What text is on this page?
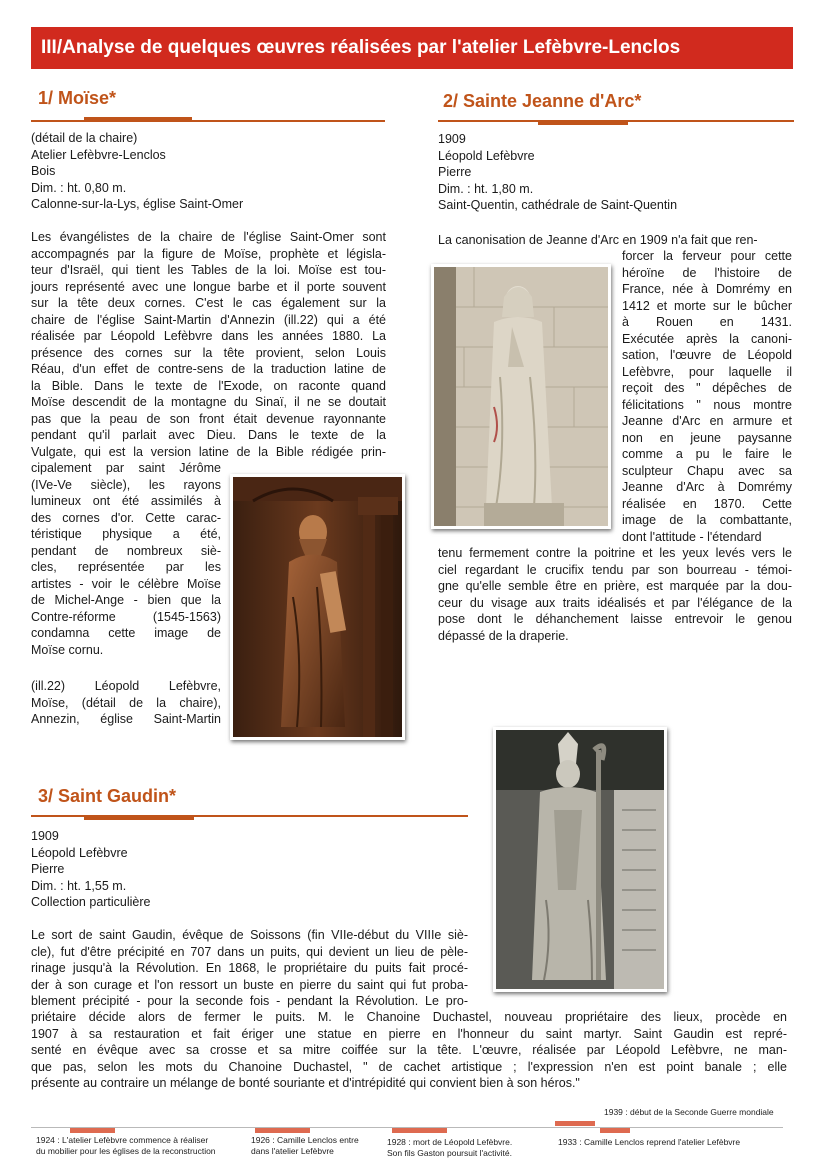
III/Analyse de quelques œuvres réalisées par l'atelier Lefèbvre-Lenclos
1/ Moïse*
(détail de la chaire)
Atelier Lefèbvre-Lenclos
Bois
Dim. : ht. 0,80 m.
Calonne-sur-la-Lys, église Saint-Omer
Les évangélistes de la chaire de l'église Saint-Omer sont
accompagnés par la figure de Moïse, prophète et législa-
teur d'Israël, qui tient les Tables de la loi. Moïse est tou-
jours représenté avec une longue barbe et il porte souvent
sur la tête deux cornes. C'est le cas également sur la
chaire de l'église Saint-Martin d'Annezin (ill.22) qui a été
réalisée par Léopold Lefèbvre dans les années 1880. La
présence des cornes sur la tête provient, selon Louis
Réau, d'un effet de contre-sens de la traduction latine de
la Bible. Dans le texte de l'Exode, on raconte quand
Moïse descendit de la montagne du Sinaï, il ne se doutait
pas que la peau de son front était devenue rayonnante
pendant qu'il parlait avec Dieu. Dans le texte de la
Vulgate, qui est la version latine de la Bible rédigée prin-
cipalement par saint Jérôme
(IVe-Ve siècle), les rayons
lumineux ont été assimilés à
des cornes d'or. Cette carac-
téristique physique a été,
pendant de nombreux siè-
cles, représentée par les
artistes - voir le célèbre Moïse
de Michel-Ange - bien que la
Contre-réforme (1545-1563)
condamna cette image de
Moïse cornu.
(ill.22) Léopold Lefèbvre,
Moïse, (détail de la chaire),
Annezin, église Saint-Martin
2/ Sainte Jeanne d'Arc*
1909
Léopold Lefèbvre
Pierre
Dim. : ht. 1,80 m.
Saint-Quentin, cathédrale de Saint-Quentin
La canonisation de Jeanne d'Arc en 1909 n'a fait que ren-
forcer la ferveur pour cette
héroïne de l'histoire de
France, née à Domrémy en
1412 et morte sur le bûcher
à Rouen en 1431.
Exécutée après la canoni-
sation, l'œuvre de Léopold
Lefèbvre, pour laquelle il
reçoit des " dépêches de
félicitations " nous montre
Jeanne d'Arc en armure et
non en jeune paysanne
comme a pu le faire le
sculpteur Chapu avec sa
Jeanne d'Arc à Domrémy
réalisée en 1870. Cette
image de la combattante,
dont l'attitude - l'étendard
tenu fermement contre la poitrine et les yeux levés vers le
ciel regardant le crucifix tendu par son bourreau - témoi-
gne qu'elle semble être en prière, est marquée par la dou-
ceur du visage aux traits idéalisés et par l'élégance de la
pose dont le déhanchement laisse entrevoir le genou
dépassé de la draperie.
3/ Saint Gaudin*
1909
Léopold Lefèbvre
Pierre
Dim. : ht. 1,55 m.
Collection particulière
Le sort de saint Gaudin, évêque de Soissons (fin VIIe-début du VIIIe siè-
cle), fut d'être précipité en 707 dans un puits, qui devient un lieu de pèle-
rinage jusqu'à la Révolution. En 1868, le propriétaire du puits fait procé-
der à son curage et l'on ressort un buste en pierre du saint qui fut proba-
blement précipité - pour la seconde fois - pendant la Révolution. Le pro-
priétaire décide alors de fermer le puits. M. le Chanoine Duchastel, nouveau propriétaire des lieux, procède en
1907 à sa restauration et fait ériger une statue en pierre en l'honneur du saint martyr. Saint Gaudin est repré-
senté en évêque avec sa crosse et sa mitre coiffée sur la tête. L'œuvre, réalisée par Léopold Lefèbvre, ne man-
que pas, selon les mots du Chanoine Duchastel, " de cachet artistique ; l'expression n'en est point banale ; elle
présente au contraire un mélange de bonté souriante et d'intrépidité qui convient bien à son héros."
1939 : début de la Seconde Guerre mondiale
1924 : L'atelier Lefèbvre commence à réaliser
du mobilier pour les églises de la reconstruction
1926 : Camille Lenclos entre
dans l'atelier Lefèbvre
1928 : mort de Léopold Lefèbvre.
Son fils Gaston poursuit l'activité.
1933 : Camille Lenclos reprend l'atelier Lefèbvre
